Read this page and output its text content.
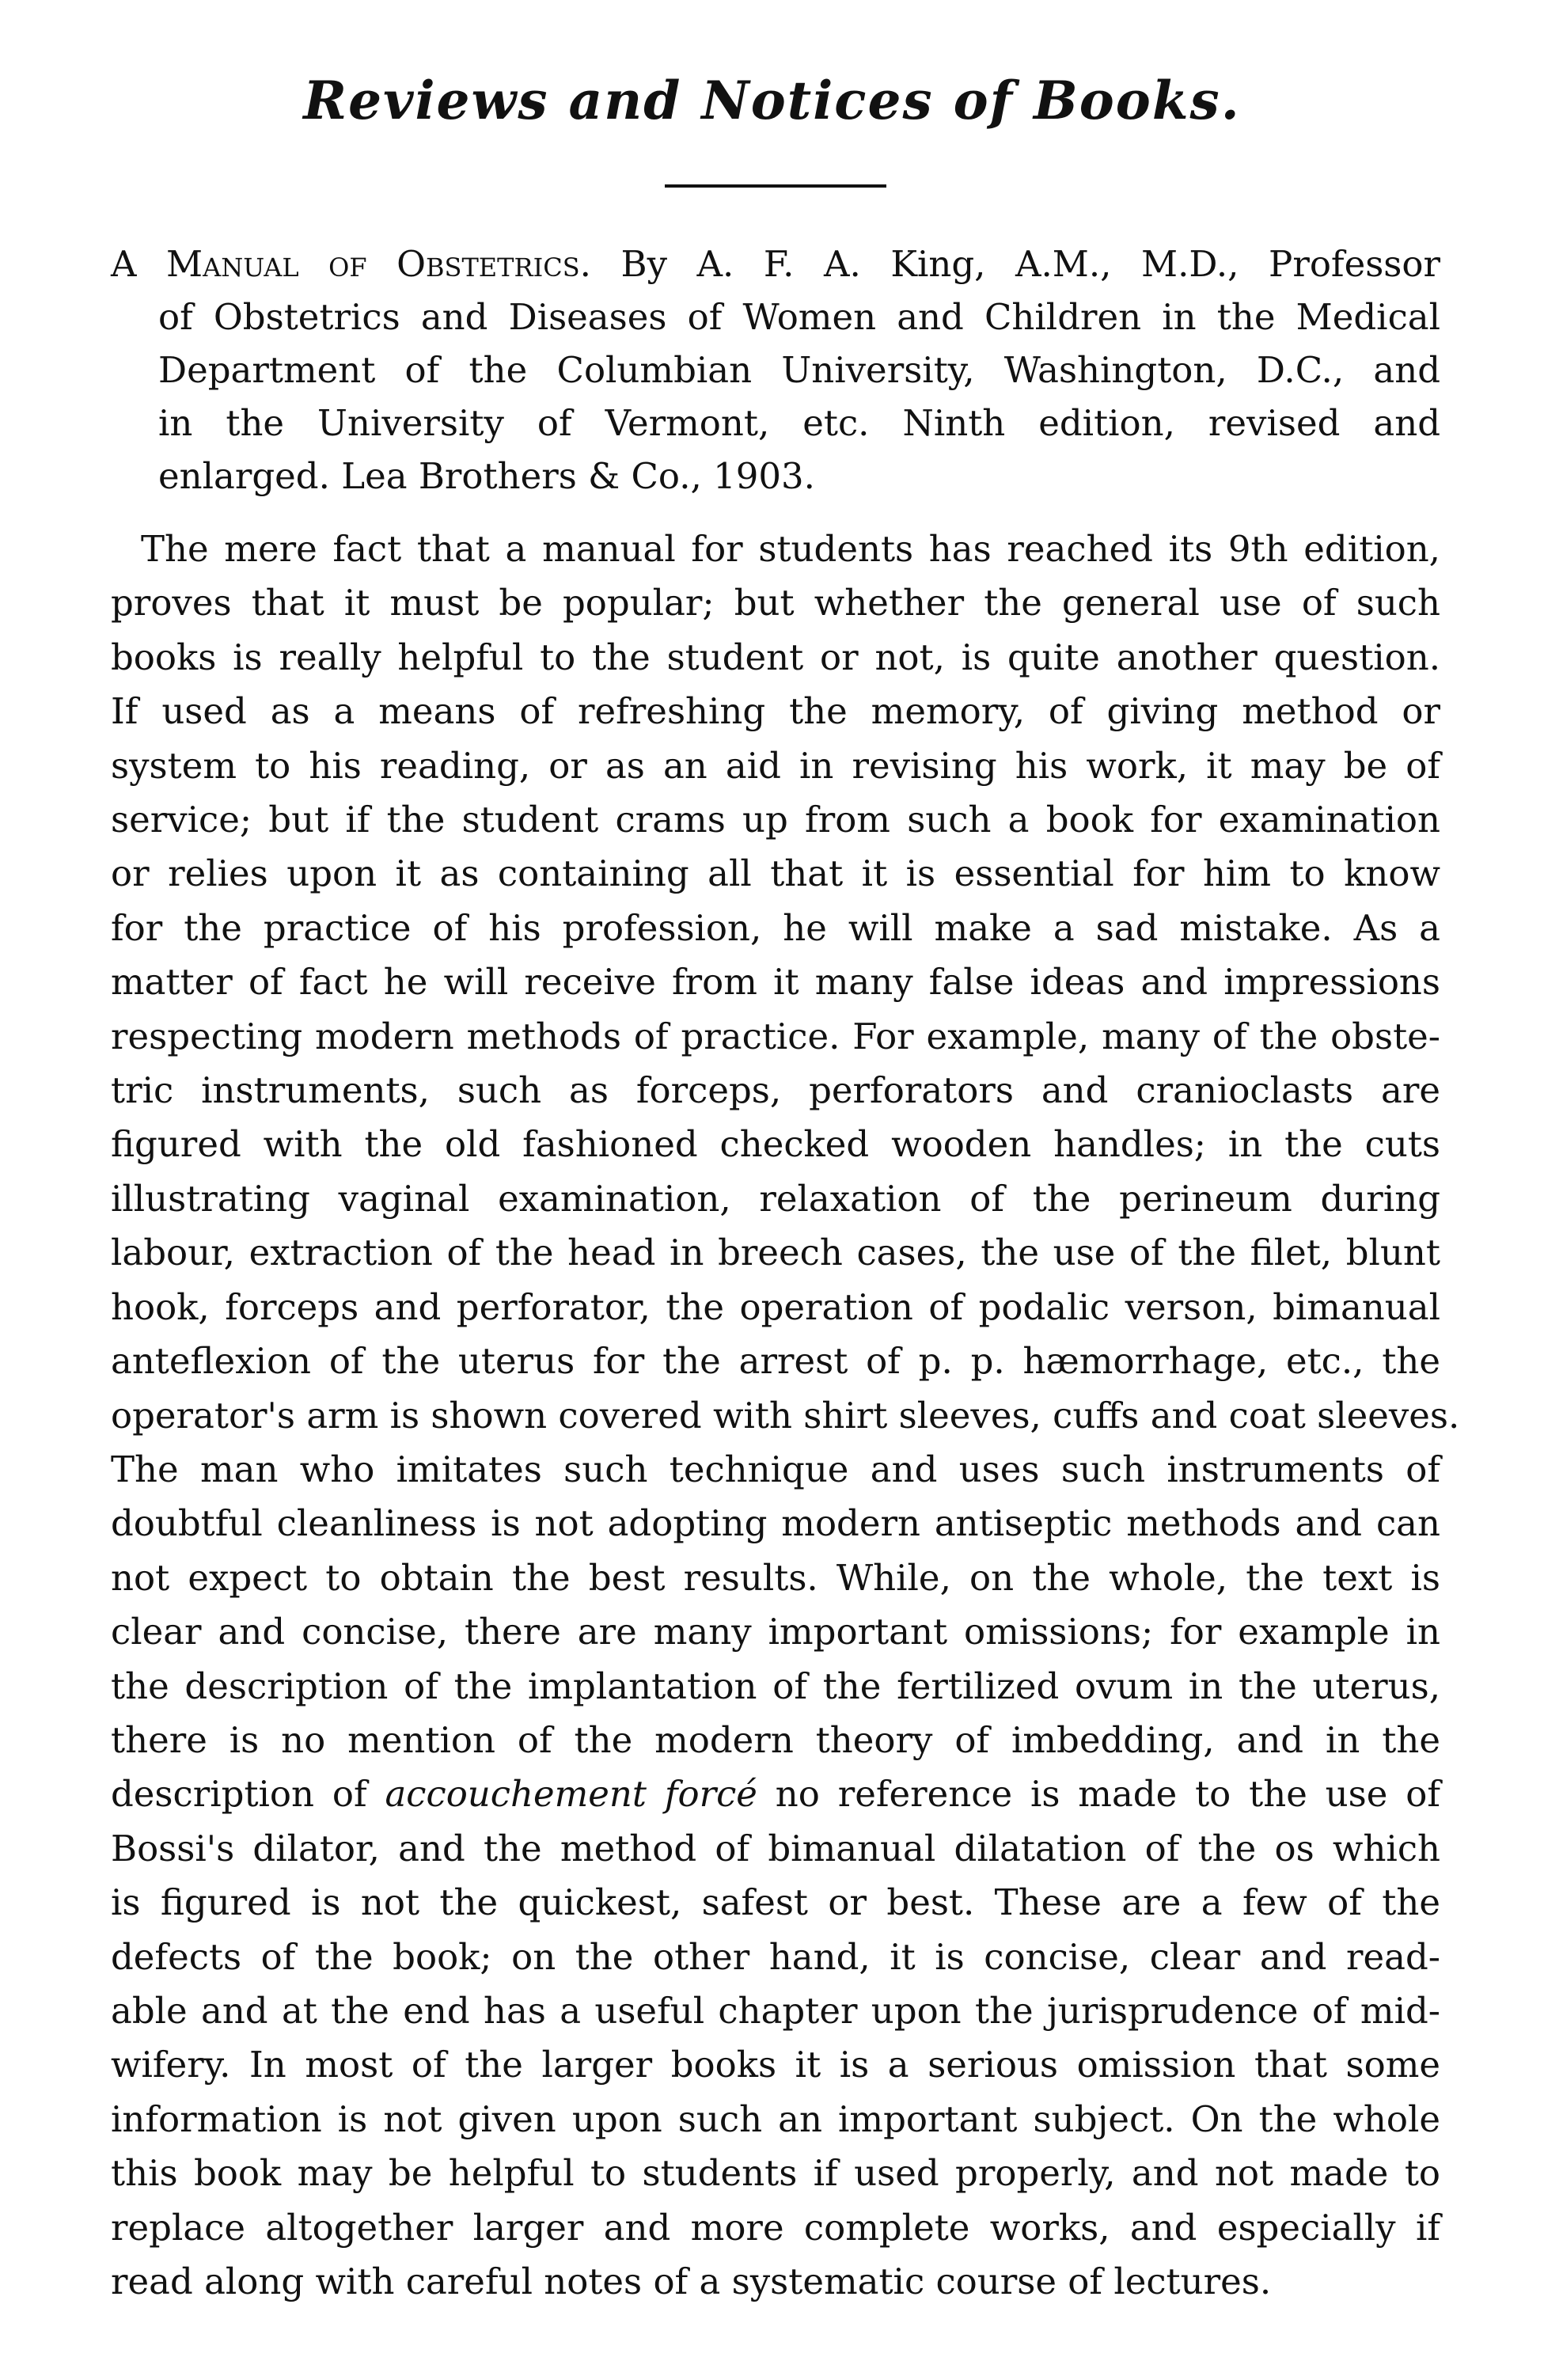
Reviews and Notices of Books.
A Manual of Obstetrics. By A. F. A. King, A.M., M.D., Professor
of Obstetrics and Diseases of Women and Children in the Medical
Department of the Columbian University, Washington, D.C., and
in the University of Vermont, etc. Ninth edition, revised and
enlarged. Lea Brothers & Co., 1903.
The mere fact that a manual for students has reached its 9th edition,
proves that it must be popular; but whether the general use of such
books is really helpful to the student or not, is quite another question.
If used as a means of refreshing the memory, of giving method or
system to his reading, or as an aid in revising his work, it may be of
service; but if the student crams up from such a book for examination
or relies upon it as containing all that it is essential for him to know
for the practice of his profession, he will make a sad mistake. As a
matter of fact he will receive from it many false ideas and impressions
respecting modern methods of practice. For example, many of the obste-
tric instruments, such as forceps, perforators and cranioclasts are
figured with the old fashioned checked wooden handles; in the cuts
illustrating vaginal examination, relaxation of the perineum during
labour, extraction of the head in breech cases, the use of the filet, blunt
hook, forceps and perforator, the operation of podalic verson, bimanual
anteflexion of the uterus for the arrest of p. p. hæmorrhage, etc., the
operator's arm is shown covered with shirt sleeves, cuffs and coat sleeves.
The man who imitates such technique and uses such instruments of
doubtful cleanliness is not adopting modern antiseptic methods and can
not expect to obtain the best results. While, on the whole, the text is
clear and concise, there are many important omissions; for example in
the description of the implantation of the fertilized ovum in the uterus,
there is no mention of the modern theory of imbedding, and in the
description of accouchement forcé no reference is made to the use of
Bossi's dilator, and the method of bimanual dilatation of the os which
is figured is not the quickest, safest or best. These are a few of the
defects of the book; on the other hand, it is concise, clear and read-
able and at the end has a useful chapter upon the jurisprudence of mid-
wifery. In most of the larger books it is a serious omission that some
information is not given upon such an important subject. On the whole
this book may be helpful to students if used properly, and not made to
replace altogether larger and more complete works, and especially if
read along with careful notes of a systematic course of lectures.
